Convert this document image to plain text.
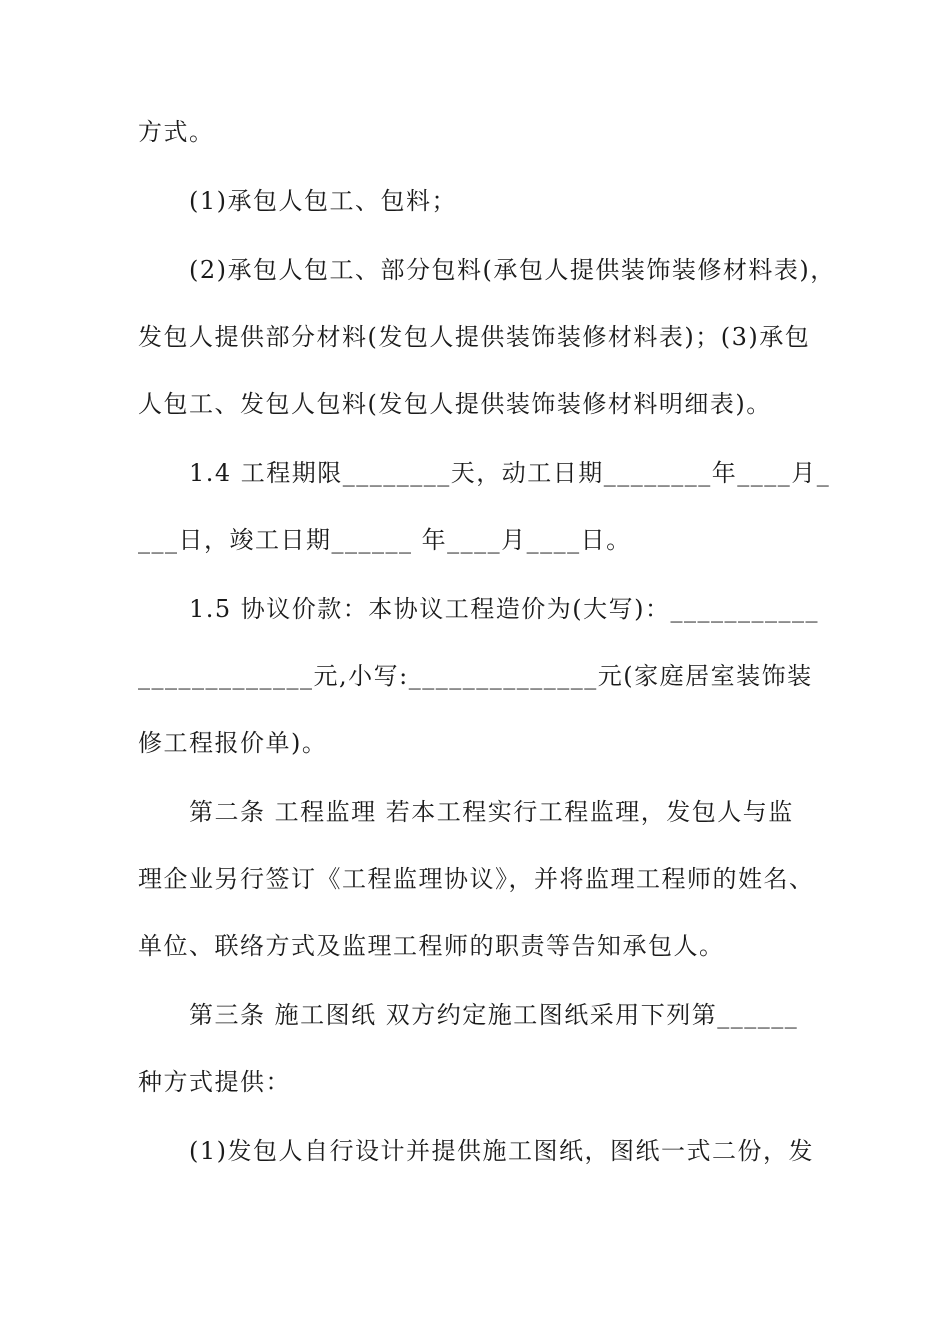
方式。
(1)承包人包工、包料；
(2)承包人包工、部分包料(承包人提供装饰装修材料表)，
发包人提供部分材料(发包人提供装饰装修材料表)；(3)承包
人包工、发包人包料(发包人提供装饰装修材料明细表)。
1.4 工程期限________天，动工日期________年____月_
___日，竣工日期______ 年____月____日。
1.5 协议价款：本协议工程造价为(大写)：___________
_____________元,小写:______________元(家庭居室装饰装
修工程报价单)。
第二条 工程监理 若本工程实行工程监理，发包人与监
理企业另行签订《工程监理协议》，并将监理工程师的姓名、
单位、联络方式及监理工程师的职责等告知承包人。
第三条 施工图纸 双方约定施工图纸采用下列第______
种方式提供：
(1)发包人自行设计并提供施工图纸，图纸一式二份，发
